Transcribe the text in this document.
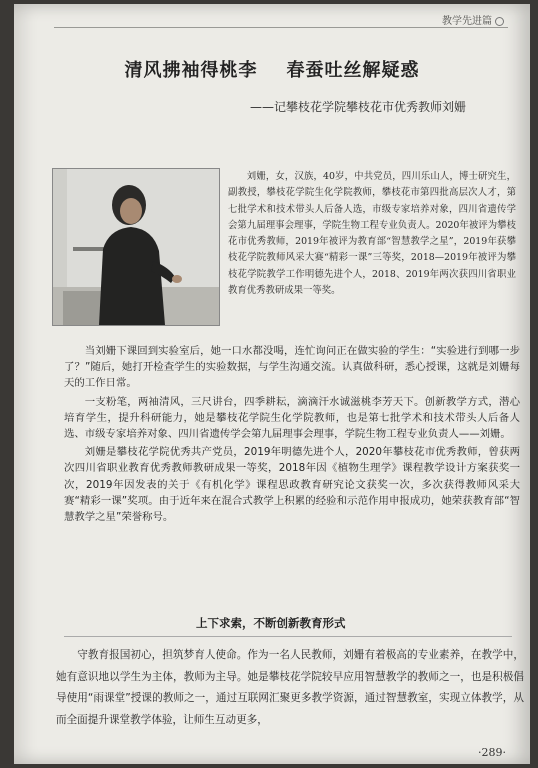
教学先进篇
清风拂袖得桃李    春蚕吐丝解疑惑
——记攀枝花学院攀枝花市优秀教师刘姗

刘姗，女，汉族，40岁，中共党员，四川乐山人，博士研究生，副教授，攀枝花学院生化学院教师，攀枝花市第四批高层次人才，第七批学术和技术带头人后备人选，市级专家培养对象，四川省遗传学会第九届理事会理事，学院生物工程专业负责人。2020年被评为攀枝花市优秀教师，2019年被评为教育部“智慧教学之星”，2019年获攀枝花学院教师风采大赛“精彩一课”三等奖，2018—2019年被评为攀枝花学院教学工作明德先进个人，2018、2019年两次获四川省职业教育优秀教研成果一等奖。

当刘姗下课回到实验室后，她一口水都没喝，连忙询问正在做实验的学生：“实验进行到哪一步了？”随后，她打开检查学生的实验数据，与学生沟通交流。认真做科研，悉心授课，这就是刘姗每天的工作日常。

一支粉笔，两袖清风，三尺讲台，四季耕耘，滴滴汗水诚滋桃李芳天下。创新教学方式，潜心培育学生，提升科研能力，她是攀枝花学院生化学院教师，也是第七批学术和技术带头人后备人选、市级专家培养对象、四川省遗传学会第九届理事会理事，学院生物工程专业负责人——刘姗。

刘姗是攀枝花学院优秀共产党员，2019年明德先进个人，2020年攀枝花市优秀教师，曾获两次四川省职业教育优秀教师教研成果一等奖，2018年因《植物生理学》课程教学设计方案获奖一次，2019年因发表的关于《有机化学》课程思政教育研究论文获奖一次，多次获得教师风采大赛“精彩一课”奖项。由于近年来在混合式教学上积累的经验和示范作用申报成功，她荣获教育部“智慧教学之星”荣誉称号。

上下求索，不断创新教育形式

守教育报国初心，担筑梦育人使命。作为一名人民教师，刘姗有着极高的专业素养，在教学中，她有意识地以学生为主体，教师为主导。她是攀枝花学院较早应用智慧教学的教师之一，也是积极倡导使用“雨课堂”授课的教师之一，通过互联网汇聚更多教学资源，通过智慧教室，实现立体教学，从而全面提升课堂教学体验，让师生互动更多，

·289·
